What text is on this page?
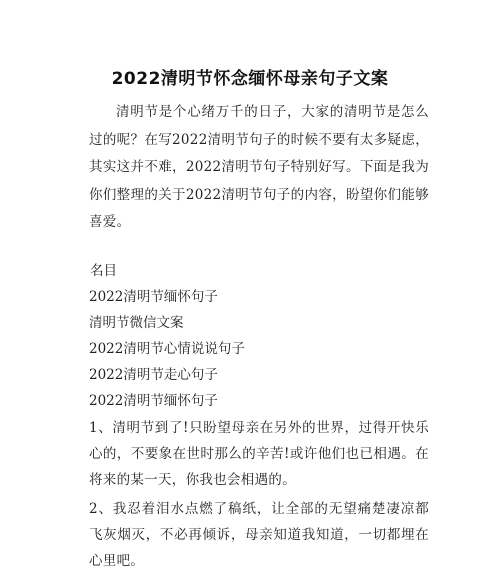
2022清明节怀念缅怀母亲句子文案
清明节是个心绪万千的日子，大家的清明节是怎么过的呢？在写2022清明节句子的时候不要有太多疑虑，其实这并不难，2022清明节句子特别好写。下面是我为你们整理的关于2022清明节句子的内容，盼望你们能够喜爱。
名目
2022清明节缅怀句子
清明节微信文案
2022清明节心情说说句子
2022清明节走心句子
2022清明节缅怀句子
1、清明节到了!只盼望母亲在另外的世界，过得开快乐心的，不要象在世时那么的辛苦!或许他们也已相遇。在将来的某一天，你我也会相遇的。
2、我忍着泪水点燃了稿纸，让全部的无望痛楚凄凉都飞灰烟灭，不必再倾诉，母亲知道我知道，一切都埋在心里吧。
